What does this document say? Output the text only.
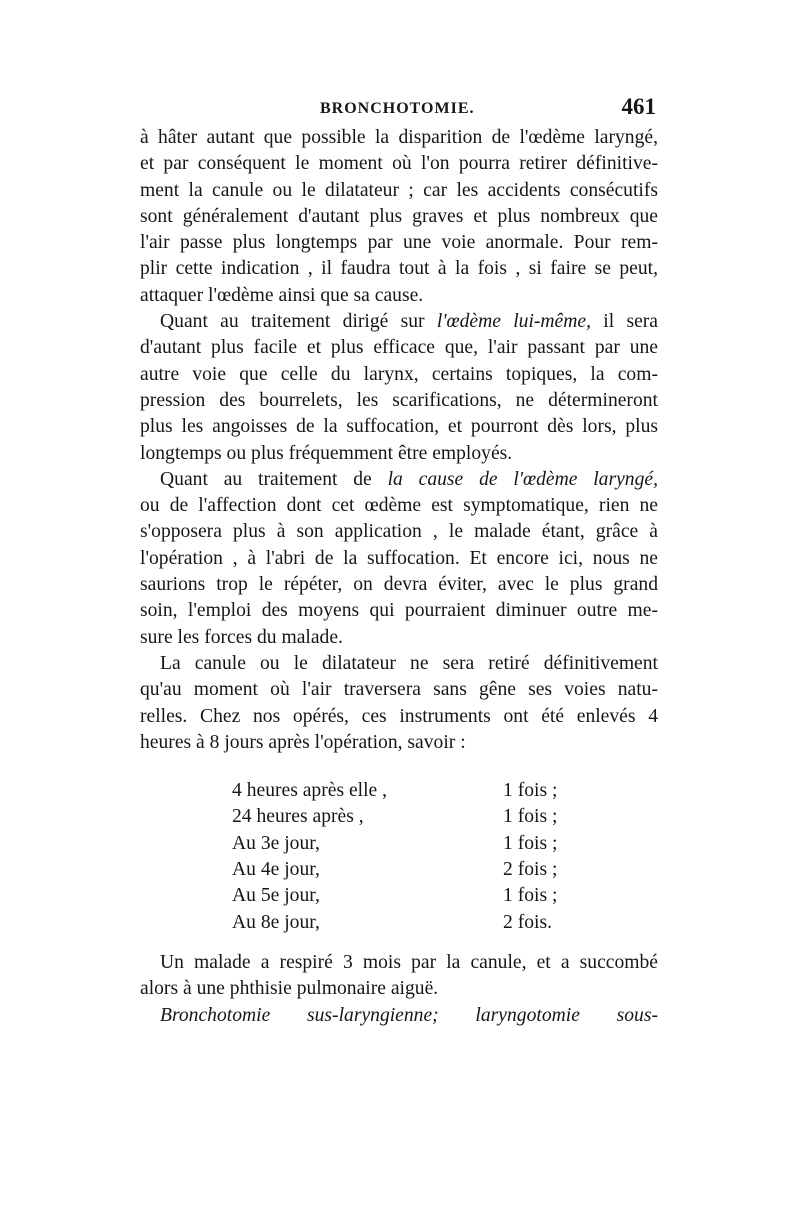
BRONCHOTOMIE.	461
à hâter autant que possible la disparition de l'œdème laryngé,
et par conséquent le moment où l'on pourra retirer définitive-
ment la canule ou le dilatateur ; car les accidents consécutifs
sont généralement d'autant plus graves et plus nombreux que
l'air passe plus longtemps par une voie anormale. Pour rem-
plir cette indication , il faudra tout à la fois , si faire se peut,
attaquer l'œdème ainsi que sa cause.
Quant au traitement dirigé sur l'œdème lui-même, il sera
d'autant plus facile et plus efficace que, l'air passant par une
autre voie que celle du larynx, certains topiques, la com-
pression des bourrelets, les scarifications, ne détermineront
plus les angoisses de la suffocation, et pourront dès lors, plus
longtemps ou plus fréquemment être employés.
Quant au traitement de la cause de l'œdème laryngé,
ou de l'affection dont cet œdème est symptomatique, rien ne
s'opposera plus à son application , le malade étant, grâce à
l'opération , à l'abri de la suffocation. Et encore ici, nous ne
saurions trop le répéter, on devra éviter, avec le plus grand
soin, l'emploi des moyens qui pourraient diminuer outre me-
sure les forces du malade.
La canule ou le dilatateur ne sera retiré définitivement
qu'au moment où l'air traversera sans gêne ses voies natu-
relles. Chez nos opérés, ces instruments ont été enlevés 4
heures à 8 jours après l'opération, savoir :
4 heures après elle ,	1 fois ;
24 heures après ,	1 fois ;
Au 3e jour,	1 fois ;
Au 4e jour,	2 fois ;
Au 5e jour,	1 fois ;
Au 8e jour,	2 fois.
Un malade a respiré 3 mois par la canule, et a succombé
alors à une phthisie pulmonaire aiguë.
Bronchotomie sus-laryngienne; laryngotomie sous-
